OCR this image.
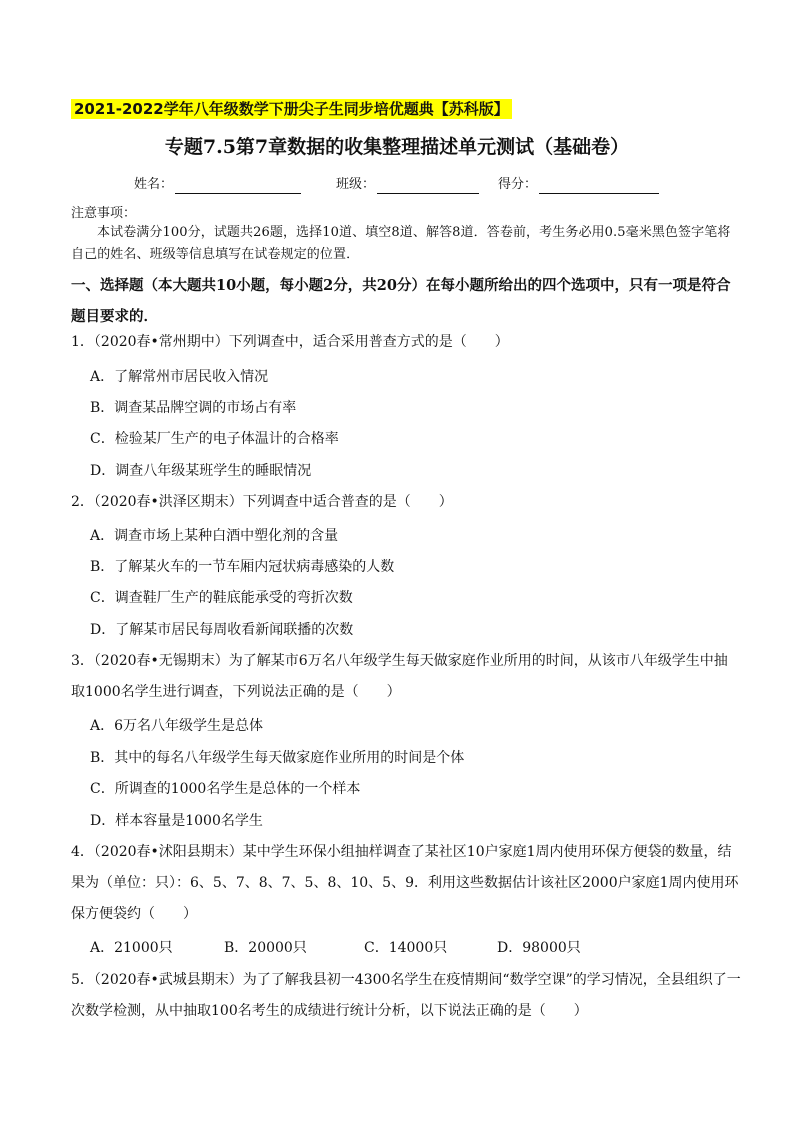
2021-2022学年八年级数学下册尖子生同步培优题典【苏科版】
专题7.5第7章数据的收集整理描述单元测试（基础卷）
姓名：	班级：	得分：
注意事项：
本试卷满分100分，试题共26题，选择10道、填空8道、解答8道．答卷前，考生务必用0.5毫米黑色签字笔将自己的姓名、班级等信息填写在试卷规定的位置．
一、选择题（本大题共10小题，每小题2分，共20分）在每小题所给出的四个选项中，只有一项是符合题目要求的．
1．（2020春•常州期中）下列调查中，适合采用普查方式的是（　　）
A．了解常州市居民收入情况
B．调查某品牌空调的市场占有率
C．检验某厂生产的电子体温计的合格率
D．调查八年级某班学生的睡眠情况
2．（2020春•洪泽区期末）下列调查中适合普查的是（　　）
A．调查市场上某种白酒中塑化剂的含量
B．了解某火车的一节车厢内冠状病毒感染的人数
C．调查鞋厂生产的鞋底能承受的弯折次数
D．了解某市居民每周收看新闻联播的次数
3．（2020春•无锡期末）为了解某市6万名八年级学生每天做家庭作业所用的时间，从该市八年级学生中抽取1000名学生进行调查，下列说法正确的是（　　）
A．6万名八年级学生是总体
B．其中的每名八年级学生每天做家庭作业所用的时间是个体
C．所调查的1000名学生是总体的一个样本
D．样本容量是1000名学生
4．（2020春•沭阳县期末）某中学生环保小组抽样调查了某社区10户家庭1周内使用环保方便袋的数量，结果为（单位：只）：6、5、7、8、7、5、8、10、5、9．利用这些数据估计该社区2000户家庭1周内使用环保方便袋约（　　）
A．21000只	B．20000只	C．14000只	D．98000只
5．（2020春•武城县期末）为了了解我县初一4300名学生在疫情期间“数学空课”的学习情况，全县组织了一次数学检测，从中抽取100名考生的成绩进行统计分析，以下说法正确的是（　　）
